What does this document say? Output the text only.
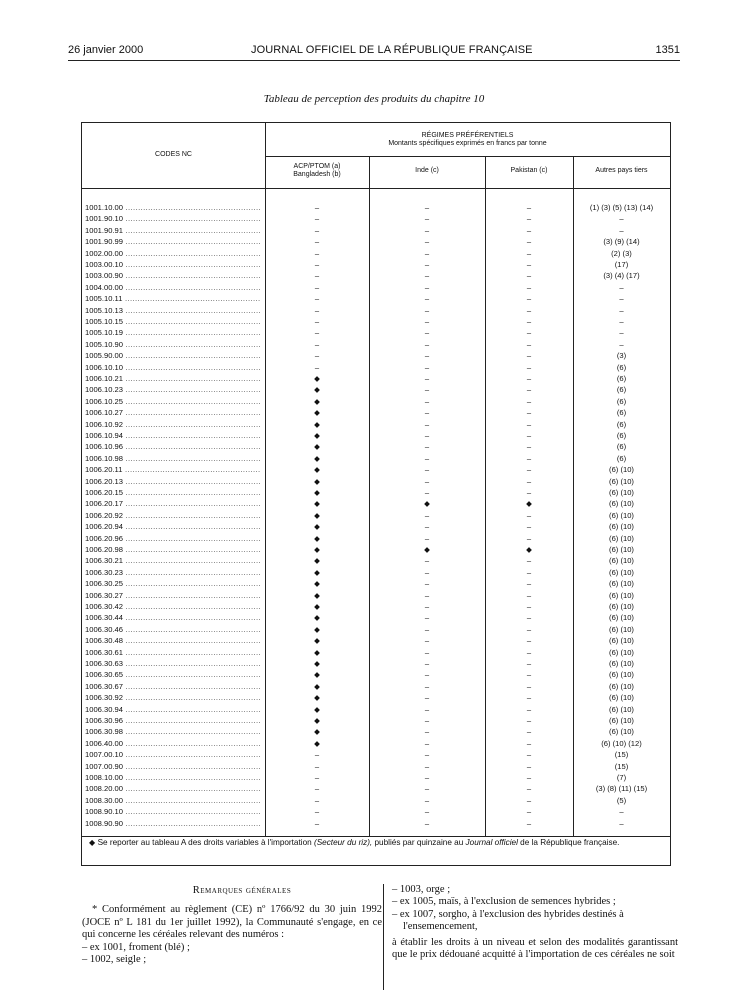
26 janvier 2000	JOURNAL OFFICIEL DE LA RÉPUBLIQUE FRANÇAISE	1351
Tableau de perception des produits du chapitre 10
CODES NC
RÉGIMES PRÉFÉRENTIELS
Montants spécifiques exprimés en francs par tonne
ACP/PTOM (a)
Bangladesh (b)
Inde (c)	Pakistan (c)	Autres pays tiers
1001.10.00 .....	–	–	–	(1) (3) (5) (13) (14)
1001.90.10 .....	–	–	–	–
1001.90.91 .....	–	–	–	–
1001.90.99 .....	–	–	–	(3) (9) (14)
1002.00.00 .....	–	–	–	(2) (3)
1003.00.10 .....	–	–	–	(17)
1003.00.90 .....	–	–	–	(3) (4) (17)
1004.00.00 .....	–	–	–	–
1005.10.11 .....	–	–	–	–
1005.10.13 .....	–	–	–	–
1005.10.15 .....	–	–	–	–
1005.10.19 .....	–	–	–	–
1005.10.90 .....	–	–	–	–
1005.90.00 .....	–	–	–	(3)
1006.10.10 .....	–	–	–	(6)
1006.10.21 .....	◆	–	–	(6)
1006.10.23 .....	◆	–	–	(6)
1006.10.25 .....	◆	–	–	(6)
1006.10.27 .....	◆	–	–	(6)
1006.10.92 .....	◆	–	–	(6)
1006.10.94 .....	◆	–	–	(6)
1006.10.96 .....	◆	–	–	(6)
1006.10.98 .....	◆	–	–	(6)
1006.20.11 .....	◆	–	–	(6) (10)
1006.20.13 .....	◆	–	–	(6) (10)
1006.20.15 .....	◆	–	–	(6) (10)
1006.20.17 .....	◆	◆	◆	(6) (10)
1006.20.92 .....	◆	–	–	(6) (10)
1006.20.94 .....	◆	–	–	(6) (10)
1006.20.96 .....	◆	–	–	(6) (10)
1006.20.98 .....	◆	◆	◆	(6) (10)
1006.30.21 .....	◆	–	–	(6) (10)
1006.30.23 .....	◆	–	–	(6) (10)
1006.30.25 .....	◆	–	–	(6) (10)
1006.30.27 .....	◆	–	–	(6) (10)
1006.30.42 .....	◆	–	–	(6) (10)
1006.30.44 .....	◆	–	–	(6) (10)
1006.30.46 .....	◆	–	–	(6) (10)
1006.30.48 .....	◆	–	–	(6) (10)
1006.30.61 .....	◆	–	–	(6) (10)
1006.30.63 .....	◆	–	–	(6) (10)
1006.30.65 .....	◆	–	–	(6) (10)
1006.30.67 .....	◆	–	–	(6) (10)
1006.30.92 .....	◆	–	–	(6) (10)
1006.30.94 .....	◆	–	–	(6) (10)
1006.30.96 .....	◆	–	–	(6) (10)
1006.30.98 .....	◆	–	–	(6) (10)
1006.40.00 .....	◆	–	–	(6) (10) (12)
1007.00.10 .....	–	–	–	(15)
1007.00.90 .....	–	–	–	(15)
1008.10.00 .....	–	–	–	(7)
1008.20.00 .....	–	–	–	(3) (8) (11) (15)
1008.30.00 .....	–	–	–	(5)
1008.90.10 .....	–	–	–	–
1008.90.90 .....	–	–	–	–
◆ Se reporter au tableau A des droits variables à l'importation (Secteur du riz), publiés par quinzaine au Journal officiel de la République française.
Remarques générales

* Conformément au règlement (CE) nº 1766/92 du 30 juin 1992 (JOCE nº L 181 du 1er juillet 1992), la Communauté s'engage, en ce qui concerne les céréales relevant des numéros :

– ex 1001, froment (blé) ;
– 1002, seigle ;
– 1003, orge ;
– ex 1005, maïs, à l'exclusion de semences hybrides ;
– ex 1007, sorgho, à l'exclusion des hybrides destinés à l'ensemencement,

à établir les droits à un niveau et selon des modalités garantissant que le prix dédouané acquitté à l'importation de ces céréales ne soit
